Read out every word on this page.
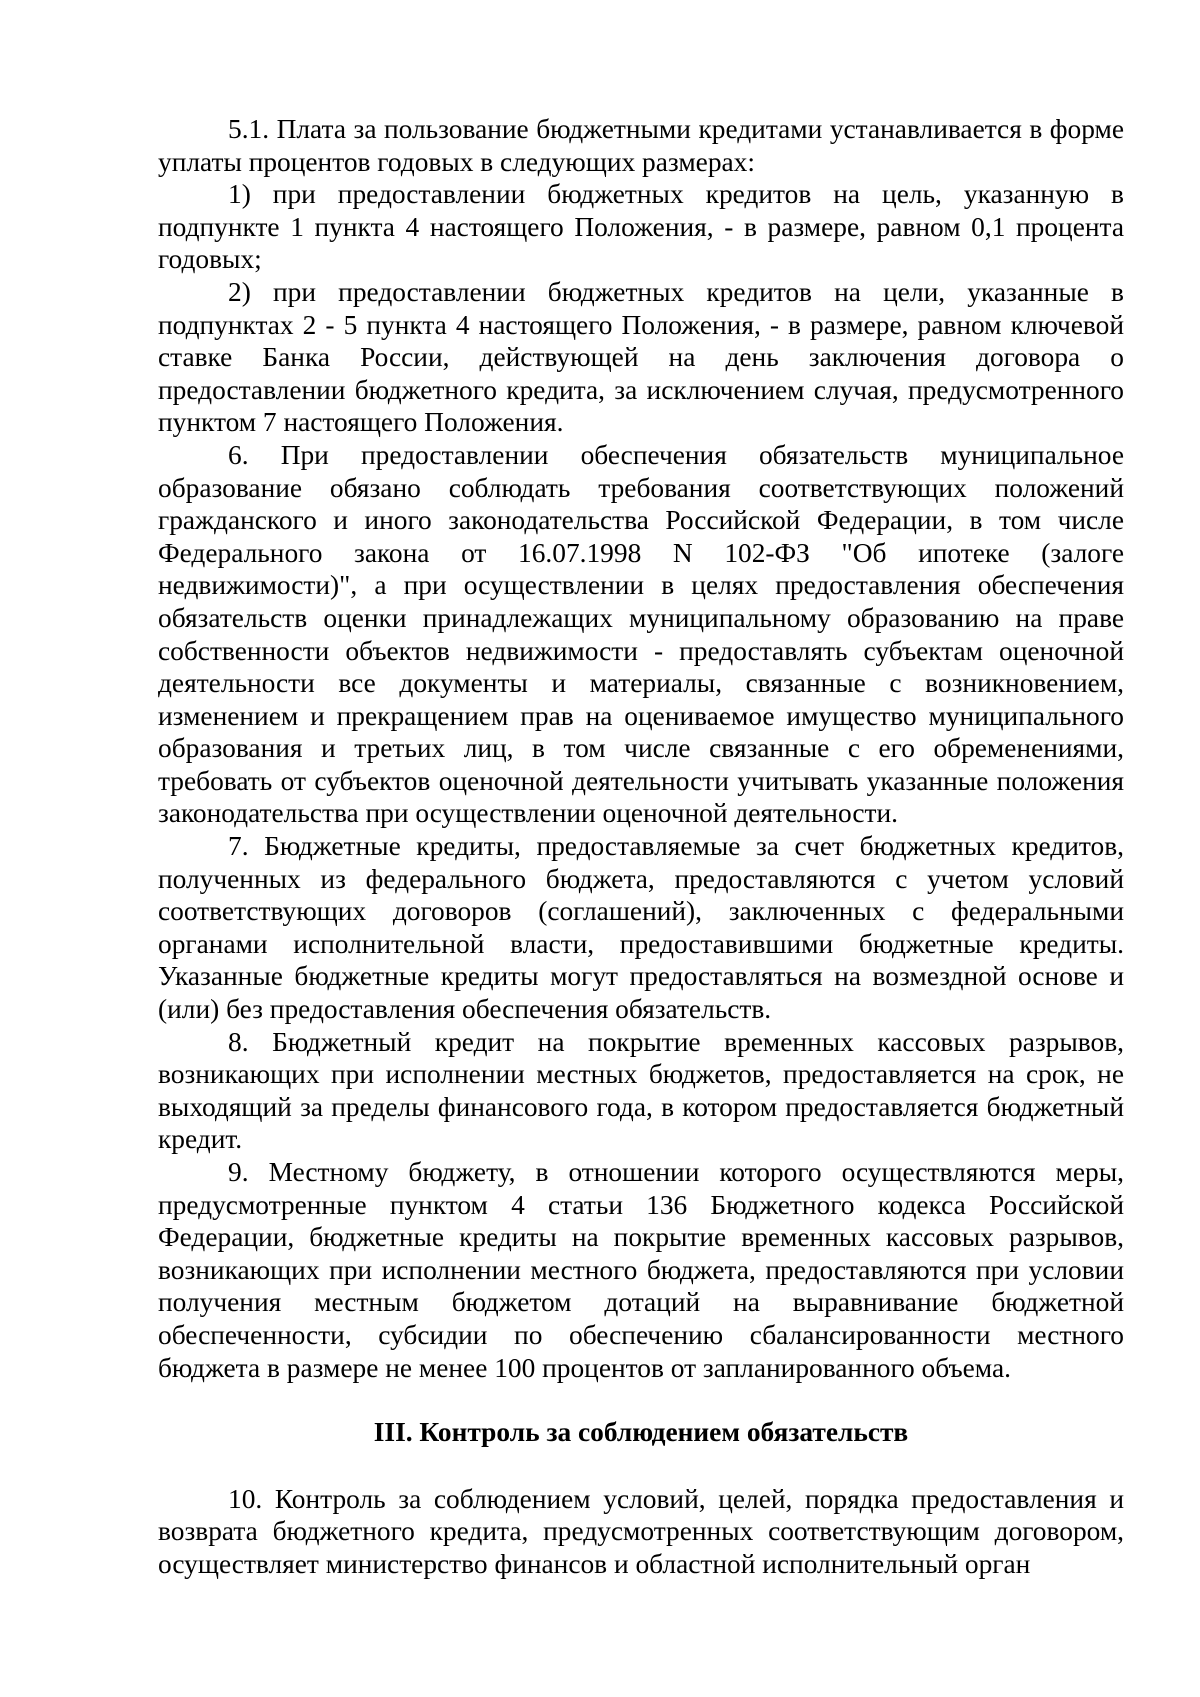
5.1. Плата за пользование бюджетными кредитами устанавливается в форме уплаты процентов годовых в следующих размерах:

1) при предоставлении бюджетных кредитов на цель, указанную в подпункте 1 пункта 4 настоящего Положения, - в размере, равном 0,1 процента годовых;

2) при предоставлении бюджетных кредитов на цели, указанные в подпунктах 2 - 5 пункта 4 настоящего Положения, - в размере, равном ключевой ставке Банка России, действующей на день заключения договора о предоставлении бюджетного кредита, за исключением случая, предусмотренного пунктом 7 настоящего Положения.

6. При предоставлении обеспечения обязательств муниципальное образование обязано соблюдать требования соответствующих положений гражданского и иного законодательства Российской Федерации, в том числе Федерального закона от 16.07.1998 N 102-ФЗ "Об ипотеке (залоге недвижимости)", а при осуществлении в целях предоставления обеспечения обязательств оценки принадлежащих муниципальному образованию на праве собственности объектов недвижимости - предоставлять субъектам оценочной деятельности все документы и материалы, связанные с возникновением, изменением и прекращением прав на оцениваемое имущество муниципального образования и третьих лиц, в том числе связанные с его обременениями, требовать от субъектов оценочной деятельности учитывать указанные положения законодательства при осуществлении оценочной деятельности.

7. Бюджетные кредиты, предоставляемые за счет бюджетных кредитов, полученных из федерального бюджета, предоставляются с учетом условий соответствующих договоров (соглашений), заключенных с федеральными органами исполнительной власти, предоставившими бюджетные кредиты. Указанные бюджетные кредиты могут предоставляться на возмездной основе и (или) без предоставления обеспечения обязательств.

8. Бюджетный кредит на покрытие временных кассовых разрывов, возникающих при исполнении местных бюджетов, предоставляется на срок, не выходящий за пределы финансового года, в котором предоставляется бюджетный кредит.

9. Местному бюджету, в отношении которого осуществляются меры, предусмотренные пунктом 4 статьи 136 Бюджетного кодекса Российской Федерации, бюджетные кредиты на покрытие временных кассовых разрывов, возникающих при исполнении местного бюджета, предоставляются при условии получения местным бюджетом дотаций на выравнивание бюджетной обеспеченности, субсидии по обеспечению сбалансированности местного бюджета в размере не менее 100 процентов от запланированного объема.

III. Контроль за соблюдением обязательств

10. Контроль за соблюдением условий, целей, порядка предоставления и возврата бюджетного кредита, предусмотренных соответствующим договором, осуществляет министерство финансов и областной исполнительный орган
